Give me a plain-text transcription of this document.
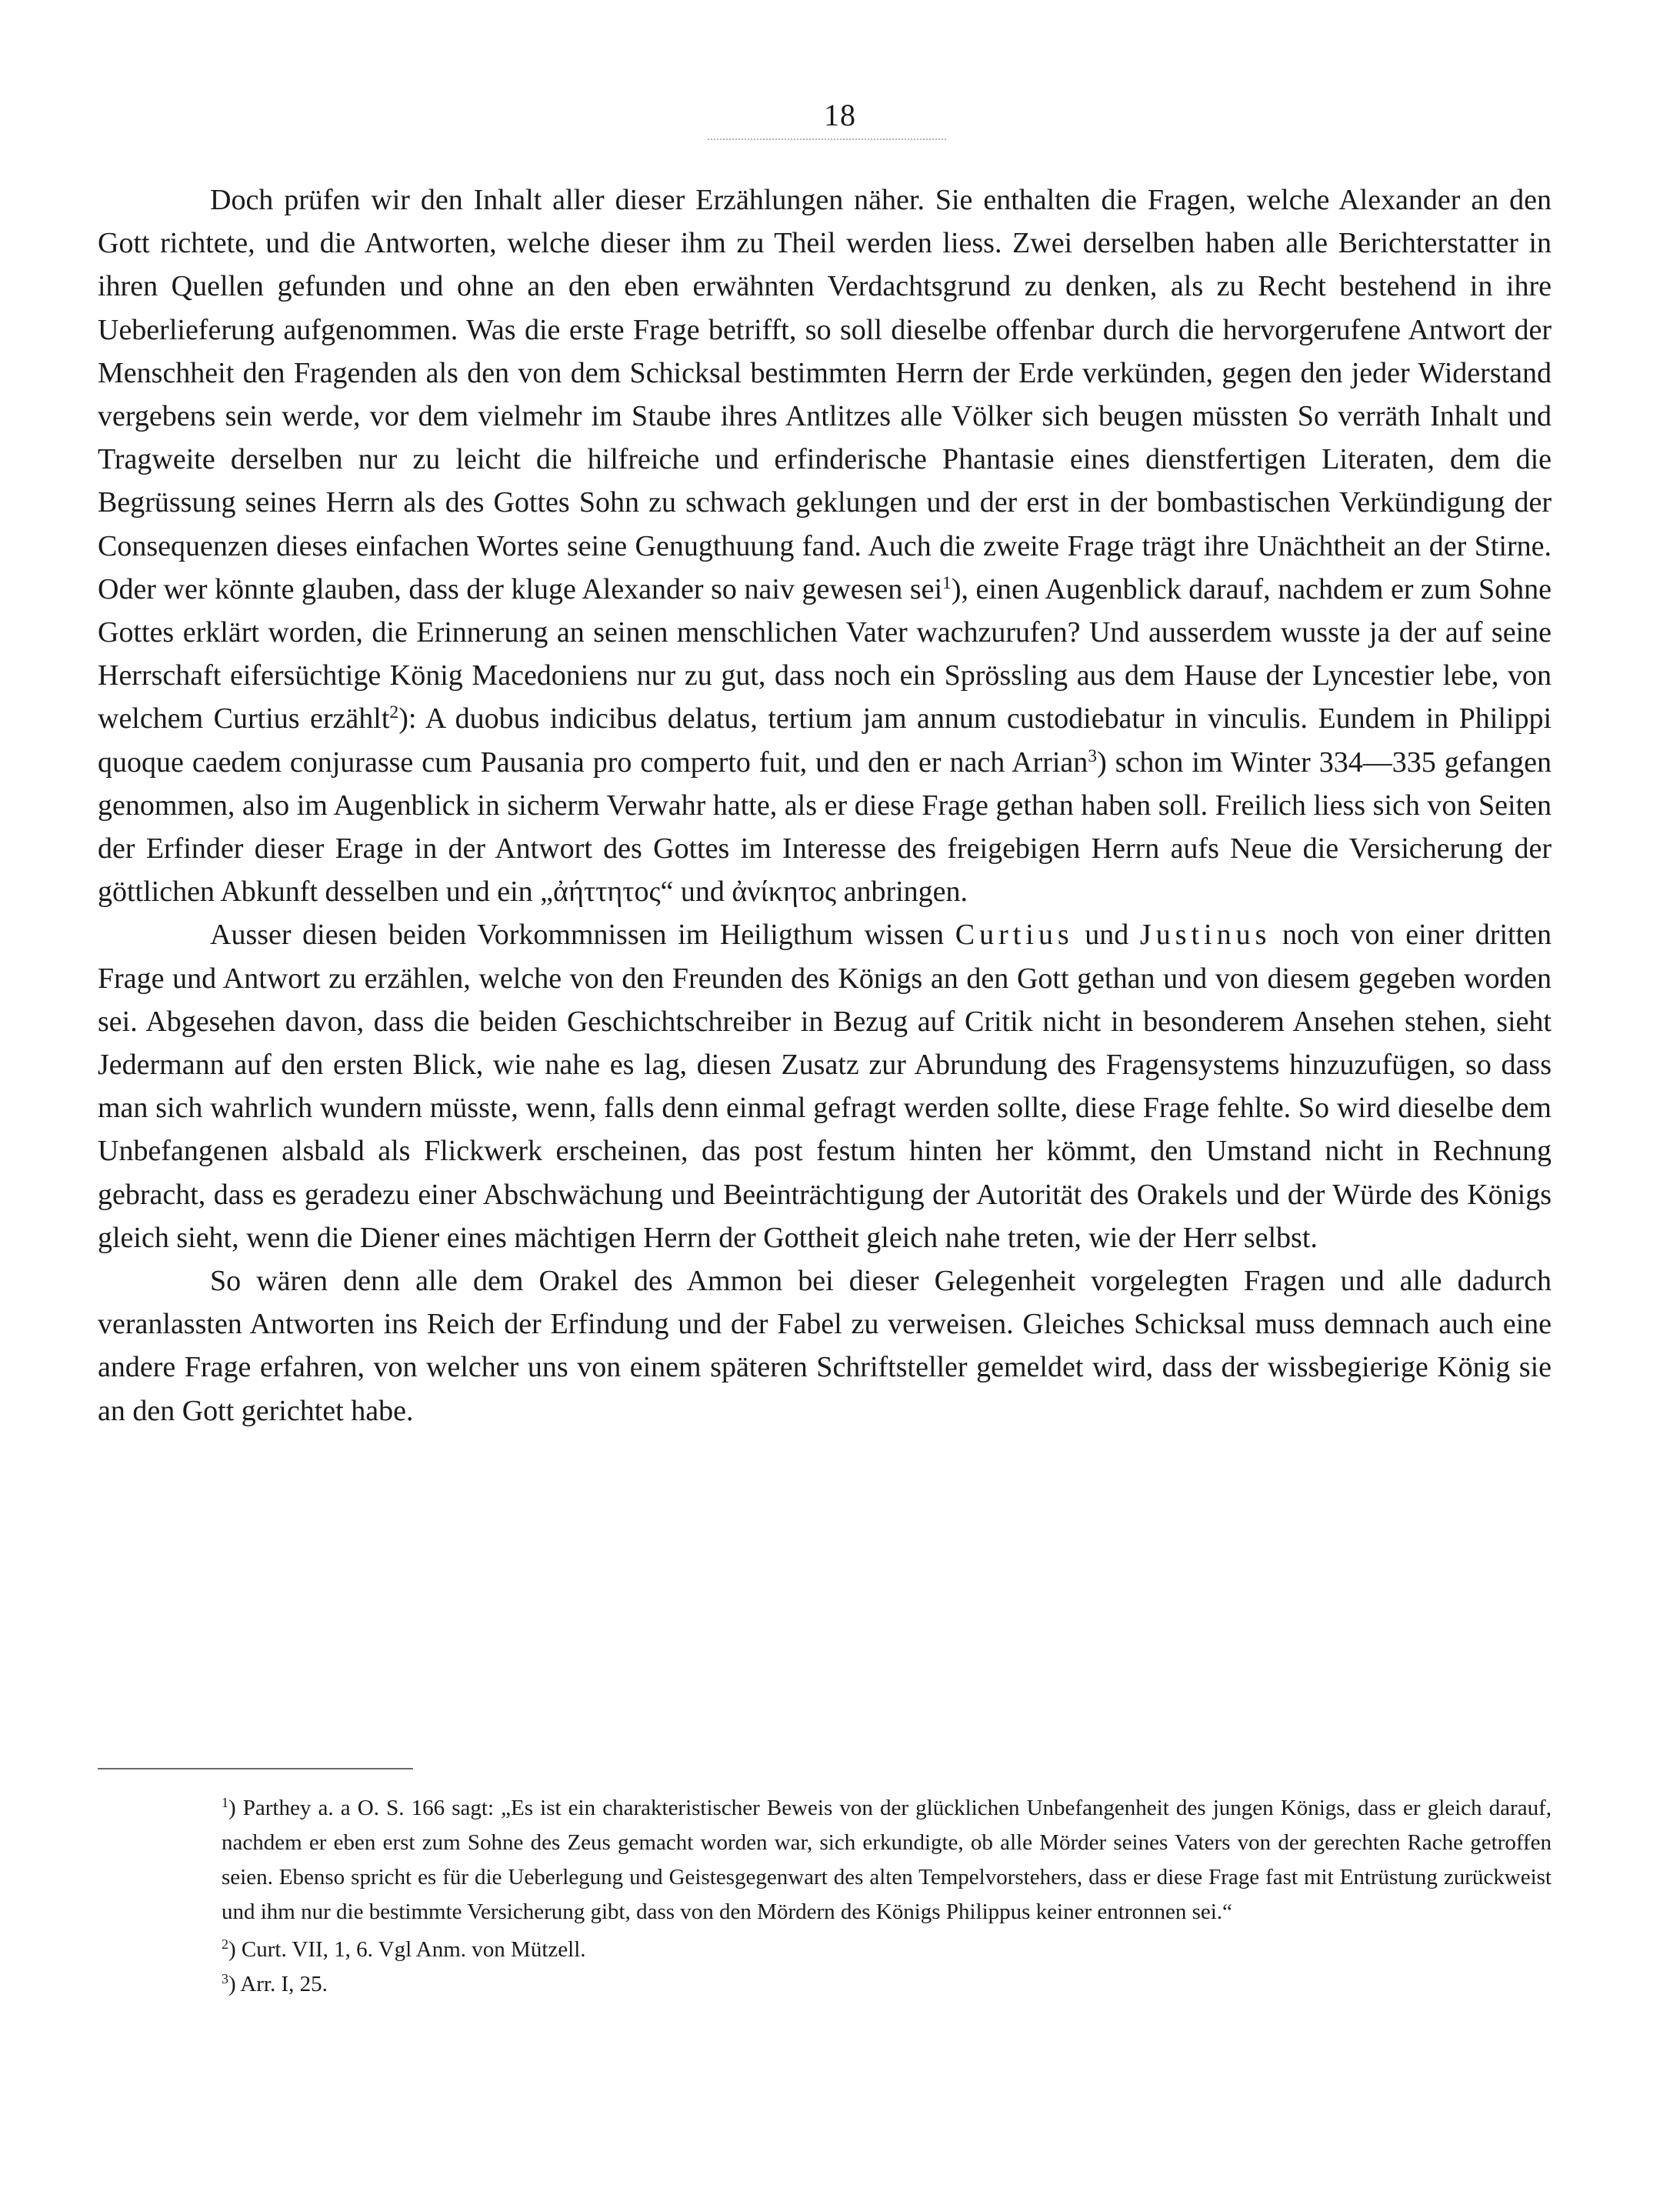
18

Doch prüfen wir den Inhalt aller dieser Erzählungen näher. Sie enthalten die Fragen, welche Alexander an den Gott richtete, und die Antworten, welche dieser ihm zu Theil werden liess. Zwei derselben haben alle Berichterstatter in ihren Quellen gefunden und ohne an den eben erwähnten Verdachtsgrund zu denken, als zu Recht bestehend in ihre Ueberlieferung aufgenommen. Was die erste Frage betrifft, so soll dieselbe offenbar durch die hervorgerufene Antwort der Menschheit den Fragenden als den von dem Schicksal bestimmten Herrn der Erde verkünden, gegen den jeder Widerstand vergebens sein werde, vor dem vielmehr im Staube ihres Antlitzes alle Völker sich beugen müssten So verräth Inhalt und Tragweite derselben nur zu leicht die hilfreiche und erfinderische Phantasie eines dienstfertigen Literaten, dem die Begrüssung seines Herrn als des Gottes Sohn zu schwach geklungen und der erst in der bombastischen Verkündigung der Consequenzen dieses einfachen Wortes seine Genugthuung fand. Auch die zweite Frage trägt ihre Unächtheit an der Stirne. Oder wer könnte glauben, dass der kluge Alexander so naiv gewesen sei$^1$), einen Augenblick darauf, nachdem er zum Sohne Gottes erklärt worden, die Erinnerung an seinen menschlichen Vater wachzurufen? Und ausserdem wusste ja der auf seine Herrschaft eifersüchtige König Macedoniens nur zu gut, dass noch ein Sprössling aus dem Hause der Lyncestier lebe, von welchem Curtius erzählt$^2$): A duobus indicibus delatus, tertium jam annum custodiebatur in vinculis. Eundem in Philippi quoque caedem conjurasse cum Pausania pro comperto fuit, und den er nach Arrian$^3$) schon im Winter 334—335 gefangen genommen, also im Augenblick in sicherm Verwahr hatte, als er diese Frage gethan haben soll. Freilich liess sich von Seiten der Erfinder dieser Erage in der Antwort des Gottes im Interesse des freigebigen Herrn aufs Neue die Versicherung der göttlichen Abkunft desselben und ein „ἀήττητος“ und ἀνίκητος anbringen.

Ausser diesen beiden Vorkommnissen im Heiligthum wissen Curtius und Justinus noch von einer dritten Frage und Antwort zu erzählen, welche von den Freunden des Königs an den Gott gethan und von diesem gegeben worden sei. Abgesehen davon, dass die beiden Geschichtschreiber in Bezug auf Critik nicht in besonderem Ansehen stehen, sieht Jedermann auf den ersten Blick, wie nahe es lag, diesen Zusatz zur Abrundung des Fragensystems hinzuzufügen, so dass man sich wahrlich wundern müsste, wenn, falls denn einmal gefragt werden sollte, diese Frage fehlte. So wird dieselbe dem Unbefangenen alsbald als Flickwerk erscheinen, das post festum hinten her kömmt, den Umstand nicht in Rechnung gebracht, dass es geradezu einer Abschwächung und Beeinträchtigung der Autorität des Orakels und der Würde des Königs gleich sieht, wenn die Diener eines mächtigen Herrn der Gottheit gleich nahe treten, wie der Herr selbst.

So wären denn alle dem Orakel des Ammon bei dieser Gelegenheit vorgelegten Fragen und alle dadurch veranlassten Antworten ins Reich der Erfindung und der Fabel zu verweisen. Gleiches Schicksal muss demnach auch eine andere Frage erfahren, von welcher uns von einem späteren Schriftsteller gemeldet wird, dass der wissbegierige König sie an den Gott gerichtet habe.

$^1$) Parthey a. a O. S. 166 sagt: „Es ist ein charakteristischer Beweis von der glücklichen Unbefangenheit des jungen Königs, dass er gleich darauf, nachdem er eben erst zum Sohne des Zeus gemacht worden war, sich erkundigte, ob alle Mörder seines Vaters von der gerechten Rache getroffen seien. Ebenso spricht es für die Ueberlegung und Geistesgegenwart des alten Tempelvorstehers, dass er diese Frage fast mit Entrüstung zurückweist und ihm nur die bestimmte Versicherung gibt, dass von den Mördern des Königs Philippus keiner entronnen sei.“

$^2$) Curt. VII, 1, 6. Vgl Anm. von Mützell.

$^3$) Arr. I, 25.
